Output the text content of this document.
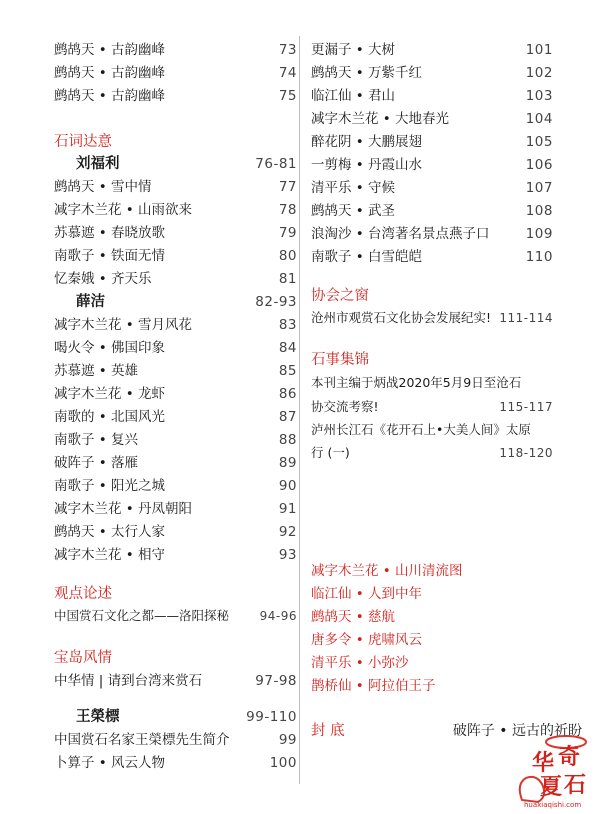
鹧鸪天 • 古韵幽峰	73
鹧鸪天 • 古韵幽峰	74
鹧鸪天 • 古韵幽峰	75
石词达意
刘福利	76-81
鹧鸪天 • 雪中情	77
减字木兰花 • 山雨欲来	78
苏慕遮 • 春晓放歌	79
南歌子 • 铁面无情	80
忆秦娥 • 齐天乐	81
薛洁	82-93
减字木兰花 • 雪月风花	83
喝火令 • 佛国印象	84
苏慕遮 • 英雄	85
减字木兰花 • 龙虾	86
南歌的 • 北国风光	87
南歌子 • 复兴	88
破阵子 • 落雁	89
南歌子 • 阳光之城	90
减字木兰花 • 丹凤朝阳	91
鹧鸪天 • 太行人家	92
减字木兰花 • 相守	93
观点论述
中国赏石文化之都——洛阳探秘	94-96
宝岛风情
中华情 | 请到台湾来赏石	97-98
王榮標	99-110
中国赏石名家王榮標先生简介	99
卜算子 • 风云人物	100
更漏子 • 大树	101
鹧鸪天 • 万紫千红	102
临江仙 • 君山	103
减字木兰花 • 大地春光	104
醉花阴 • 大鹏展翅	105
一剪梅 • 丹霞山水	106
清平乐 • 守候	107
鹧鸪天 • 武圣	108
浪淘沙 • 台湾著名景点燕子口	109
南歌子 • 白雪皑皑	110
协会之窗
沧州市观赏石文化协会发展纪实! 111-114
石事集锦
本刊主编于炳战2020年5月9日至沧石
协交流考察!	115-117
泸州长江石《花开石上•大美人间》太原
行 (一)	118-120
减字木兰花 • 山川清流图
临江仙 • 人到中年
鹧鸪天 • 慈航
唐多令 • 虎啸风云
清平乐 • 小弥沙
鹊桥仙 • 阿拉伯王子
封 底	破阵子 • 远古的祈盼
华 奇
夏 石
huaxiaqishi.com
